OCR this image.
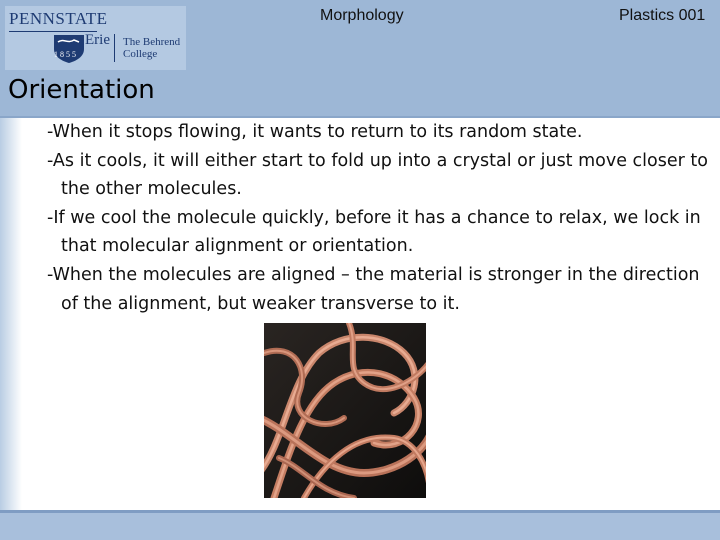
PENNSTATE
1855
Erie The Behrend
College
Morphology	Plastics 001
Orientation
-When it stops flowing, it wants to return to its random state.
-As it cools, it will either start to fold up into a crystal or just move closer to the other molecules.
-If we cool the molecule quickly, before it has a chance to relax, we lock in that molecular alignment or orientation.
-When the molecules are aligned – the material is stronger in the direction of the alignment, but weaker transverse to it.
